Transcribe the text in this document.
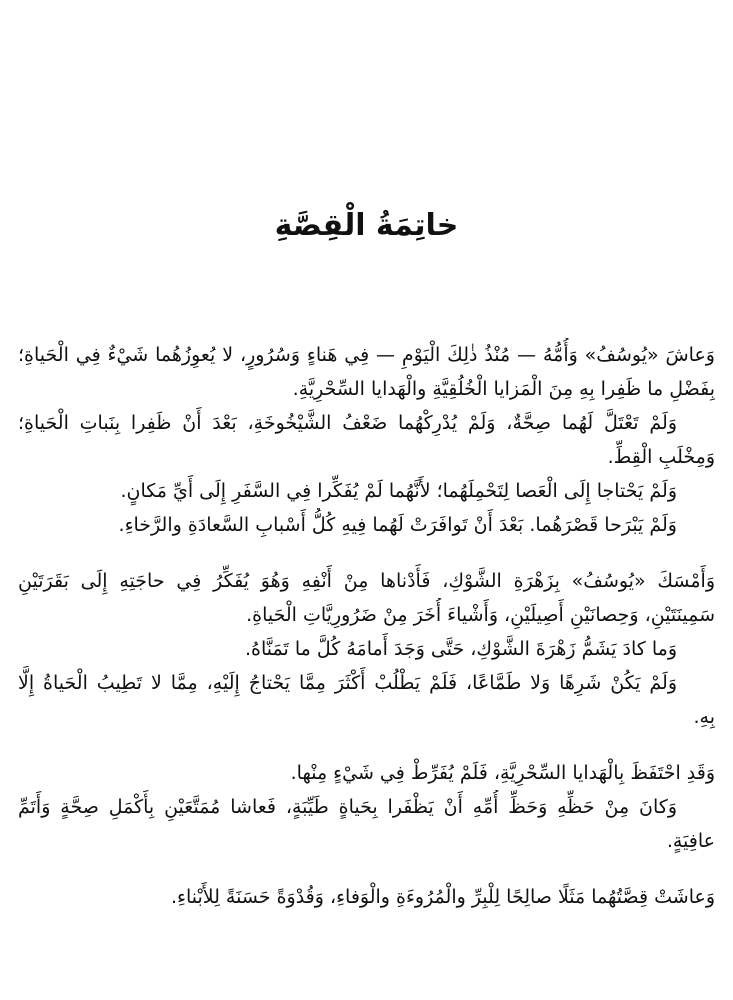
خاتِمَةُ الْقِصَّةِ

وَعاشَ «يُوسُفُ» وَأُمُّهُ — مُنْذُ ذٰلِكَ الْيَوْمِ — فِي هَناءٍ وَسُرُورٍ، لا يُعوِزُهُما شَيْءٌ فِي الْحَياةِ؛

بِفَضْلِ ما ظَفِرا بِهِ مِنَ الْمَزايا الْخُلُقِيَّةِ والْهَدايا السِّحْرِيَّةِ.

وَلَمْ تَعْتَلَّ لَهُما صِحَّةٌ، وَلَمْ يُدْرِكْهُما ضَعْفُ الشَّيْخُوخَةِ، بَعْدَ أَنْ ظَفِرا بِنَباتِ الْحَياةِ؛

وَمِخْلَبِ الْقِطِّ.

وَلَمْ يَحْتاجا إِلَى الْعَصا لِتَحْمِلَهُما؛ لأَنَّهُما لَمْ يُفَكِّرا فِي السَّفَرِ إِلَى أَيِّ مَكانٍ.

وَلَمْ يَبْرَحا قَصْرَهُما. بَعْدَ أَنْ تَوافَرَتْ لَهُما فِيهِ كُلُّ أَسْبابِ السَّعادَةِ والرَّخاءِ.

وَأَمْسَكَ «يُوسُفُ» بِزَهْرَةِ الشَّوْكِ، فَأَدْناها مِنْ أَنْفِهِ وَهُوَ يُفَكِّرُ فِي حاجَتِهِ إِلَى بَقَرَتَيْنِ

سَمِينَتَيْنِ، وَحِصانَيْنِ أَصِيلَيْنِ، وَأَشْياءَ أُخَرَ مِنْ ضَرُورِيَّاتِ الْحَياةِ.

وَما كادَ يَشَمُّ زَهْرَةَ الشَّوْكِ، حَتَّى وَجَدَ أَمامَهُ كُلَّ ما تَمَنَّاهُ.

وَلَمْ يَكُنْ شَرِهًا وَلا طَمَّاعًا، فَلَمْ يَطْلُبْ أَكْثَرَ مِمَّا يَحْتاجُ إِلَيْهِ، مِمَّا لا تَطِيبُ الْحَياةُ إِلَّا

بِهِ.

وَقَدِ احْتَفَظَ بِالْهَدايا السِّحْرِيَّةِ، فَلَمْ يُفَرِّطْ فِي شَيْءٍ مِنْها.

وَكانَ مِنْ حَظِّهِ وَحَظِّ أُمِّهِ أَنْ يَظْفَرا بِحَياةٍ طَيِّبَةٍ، فَعاشا مُمَتَّعَيْنِ بِأَكْمَلِ صِحَّةٍ وَأَتَمِّ

عافِيَةٍ.

وَعاشَتْ قِصَّتُهُما مَثَلًا صالِحًا لِلْبِرِّ والْمُرُوءَةِ والْوَفاءِ، وَقُدْوَةً حَسَنَةً لِلأَبْناءِ.
